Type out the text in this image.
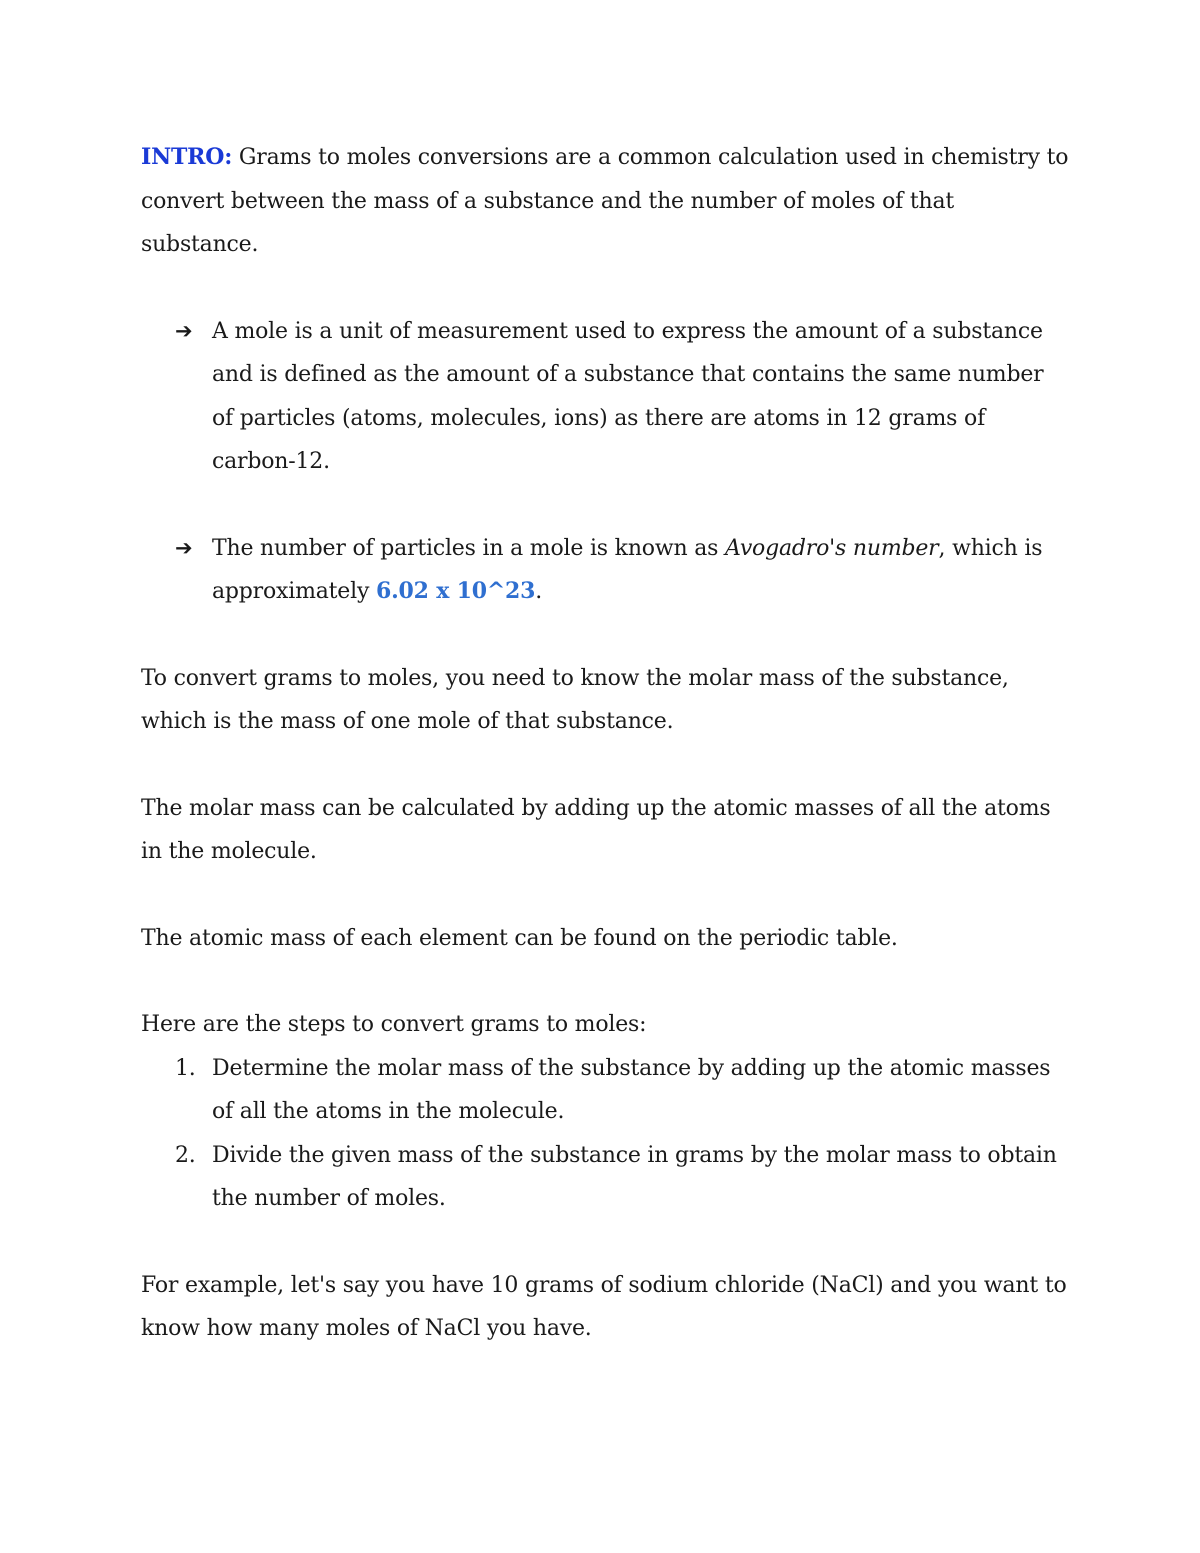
INTRO: Grams to moles conversions are a common calculation used in chemistry to convert between the mass of a substance and the number of moles of that substance.

➔ A mole is a unit of measurement used to express the amount of a substance and is defined as the amount of a substance that contains the same number of particles (atoms, molecules, ions) as there are atoms in 12 grams of carbon-12.
➔ The number of particles in a mole is known as Avogadro's number, which is approximately 6.02 x 10^23.

To convert grams to moles, you need to know the molar mass of the substance, which is the mass of one mole of that substance.

The molar mass can be calculated by adding up the atomic masses of all the atoms in the molecule.

The atomic mass of each element can be found on the periodic table.

Here are the steps to convert grams to moles:

1. Determine the molar mass of the substance by adding up the atomic masses of all the atoms in the molecule.
2. Divide the given mass of the substance in grams by the molar mass to obtain the number of moles.

For example, let's say you have 10 grams of sodium chloride (NaCl) and you want to know how many moles of NaCl you have.
